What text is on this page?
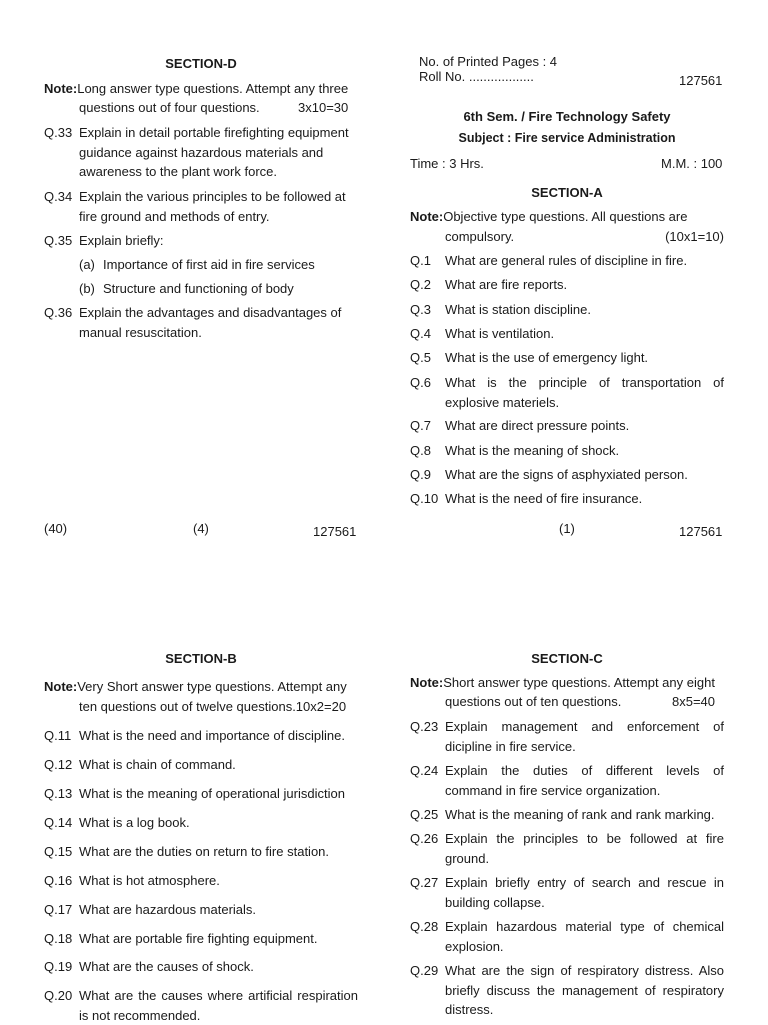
SECTION-D
Note:Long answer type questions. Attempt any three
questions out of four questions.	3x10=30
Q.33 Explain in detail portable firefighting equipment
guidance against hazardous materials and
awareness to the plant work force.
Q.34 Explain the various principles to be followed at
fire ground and methods of entry.
Q.35 Explain briefly:
(a) Importance of first aid in fire services
(b) Structure and functioning of body
Q.36 Explain the advantages and disadvantages of
manual resuscitation.
(40)	(4)	127561
No. of Printed Pages : 4
Roll No. ..................	127561
6th Sem. / Fire Technology Safety
Subject : Fire service Administration
Time : 3 Hrs.	M.M. : 100
SECTION-A
Note:Objective type questions. All questions are
compulsory.	(10x1=10)
Q.1 What are general rules of discipline in fire.
Q.2 What are fire reports.
Q.3 What is station discipline.
Q.4 What is ventilation.
Q.5 What is the use of emergency light.
Q.6 What is the principle of transportation of
explosive materiels.
Q.7 What are direct pressure points.
Q.8 What is the meaning of shock.
Q.9 What are the signs of asphyxiated person.
Q.10 What is the need of fire insurance.
(1)	127561
SECTION-B
Note:Very Short answer type questions. Attempt any
ten questions out of twelve questions.10x2=20
Q.11 What is the need and importance of discipline.
Q.12 What is chain of command.
Q.13 What is the meaning of operational jurisdiction
Q.14 What is a log book.
Q.15 What are the duties on return to fire station.
Q.16 What is hot atmosphere.
Q.17 What are hazardous materials.
Q.18 What are portable fire fighting equipment.
Q.19 What are the causes of shock.
Q.20 What are the causes where artificial respiration
is not recommended.
SECTION-C
Note:Short answer type questions. Attempt any eight
questions out of ten questions.	8x5=40
Q.23 Explain management and enforcement of
dicipline in fire service.
Q.24 Explain the duties of different levels of
command in fire service organization.
Q.25 What is the meaning of rank and rank marking.
Q.26 Explain the principles to be followed at fire
ground.
Q.27 Explain briefly entry of search and rescue in
building collapse.
Q.28 Explain hazardous material type of chemical
explosion.
Q.29 What are the sign of respiratory distress. Also
briefly discuss the management of respiratory
distress.
